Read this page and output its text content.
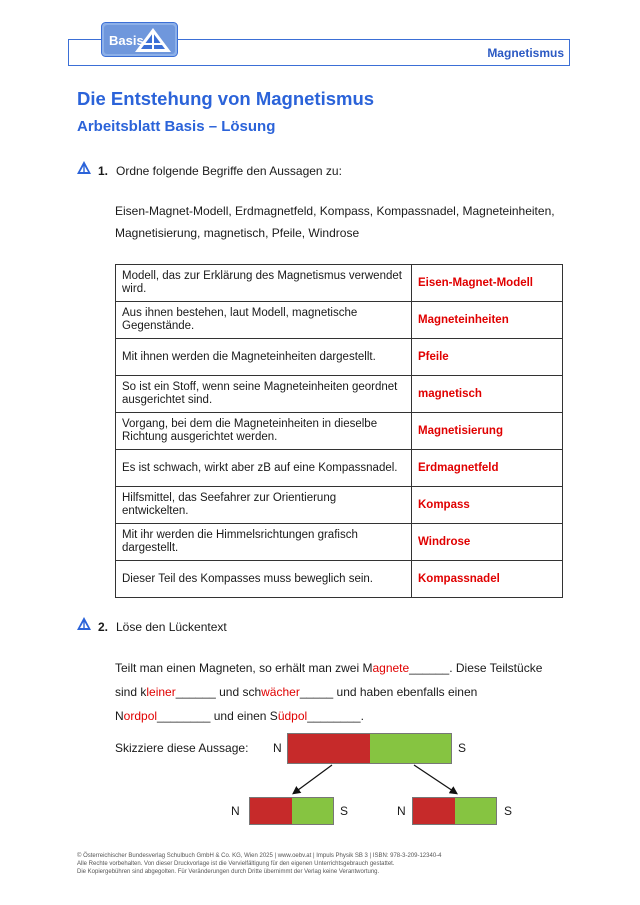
Basis
Magnetismus
Die Entstehung von Magnetismus
Arbeitsblatt Basis – Lösung
1. Ordne folgende Begriffe den Aussagen zu:
Eisen-Magnet-Modell, Erdmagnetfeld, Kompass, Kompassnadel, Magneteinheiten,
Magnetisierung, magnetisch, Pfeile, Windrose
Modell, das zur Erklärung des Magnetismus verwendet wird.	Eisen-Magnet-Modell
Aus ihnen bestehen, laut Modell, magnetische Gegenstände.	Magneteinheiten
Mit ihnen werden die Magneteinheiten dargestellt.	Pfeile
So ist ein Stoff, wenn seine Magneteinheiten geordnet ausgerichtet sind.	magnetisch
Vorgang, bei dem die Magneteinheiten in dieselbe Richtung ausgerichtet werden.	Magnetisierung
Es ist schwach, wirkt aber zB auf eine Kompassnadel.	Erdmagnetfeld
Hilfsmittel, das Seefahrer zur Orientierung entwickelten.	Kompass
Mit ihr werden die Himmelsrichtungen grafisch dargestellt.	Windrose
Dieser Teil des Kompasses muss beweglich sein.	Kompassnadel
2. Löse den Lückentext
Teilt man einen Magneten, so erhält man zwei Magnete______. Diese Teilstücke
sind kleiner______ und schwächer_____ und haben ebenfalls einen
Nordpol________ und einen Südpol________.
Skizziere diese Aussage: N	S
N	S	N	S
© Österreichischer Bundesverlag Schulbuch GmbH & Co. KG, Wien 2025 | www.oebv.at | Impuls Physik SB 3 | ISBN: 978-3-209-12340-4
Alle Rechte vorbehalten. Von dieser Druckvorlage ist die Vervielfältigung für den eigenen Unterrichtsgebrauch gestattet.
Die Kopiergebühren sind abgegolten. Für Veränderungen durch Dritte übernimmt der Verlag keine Verantwortung.
